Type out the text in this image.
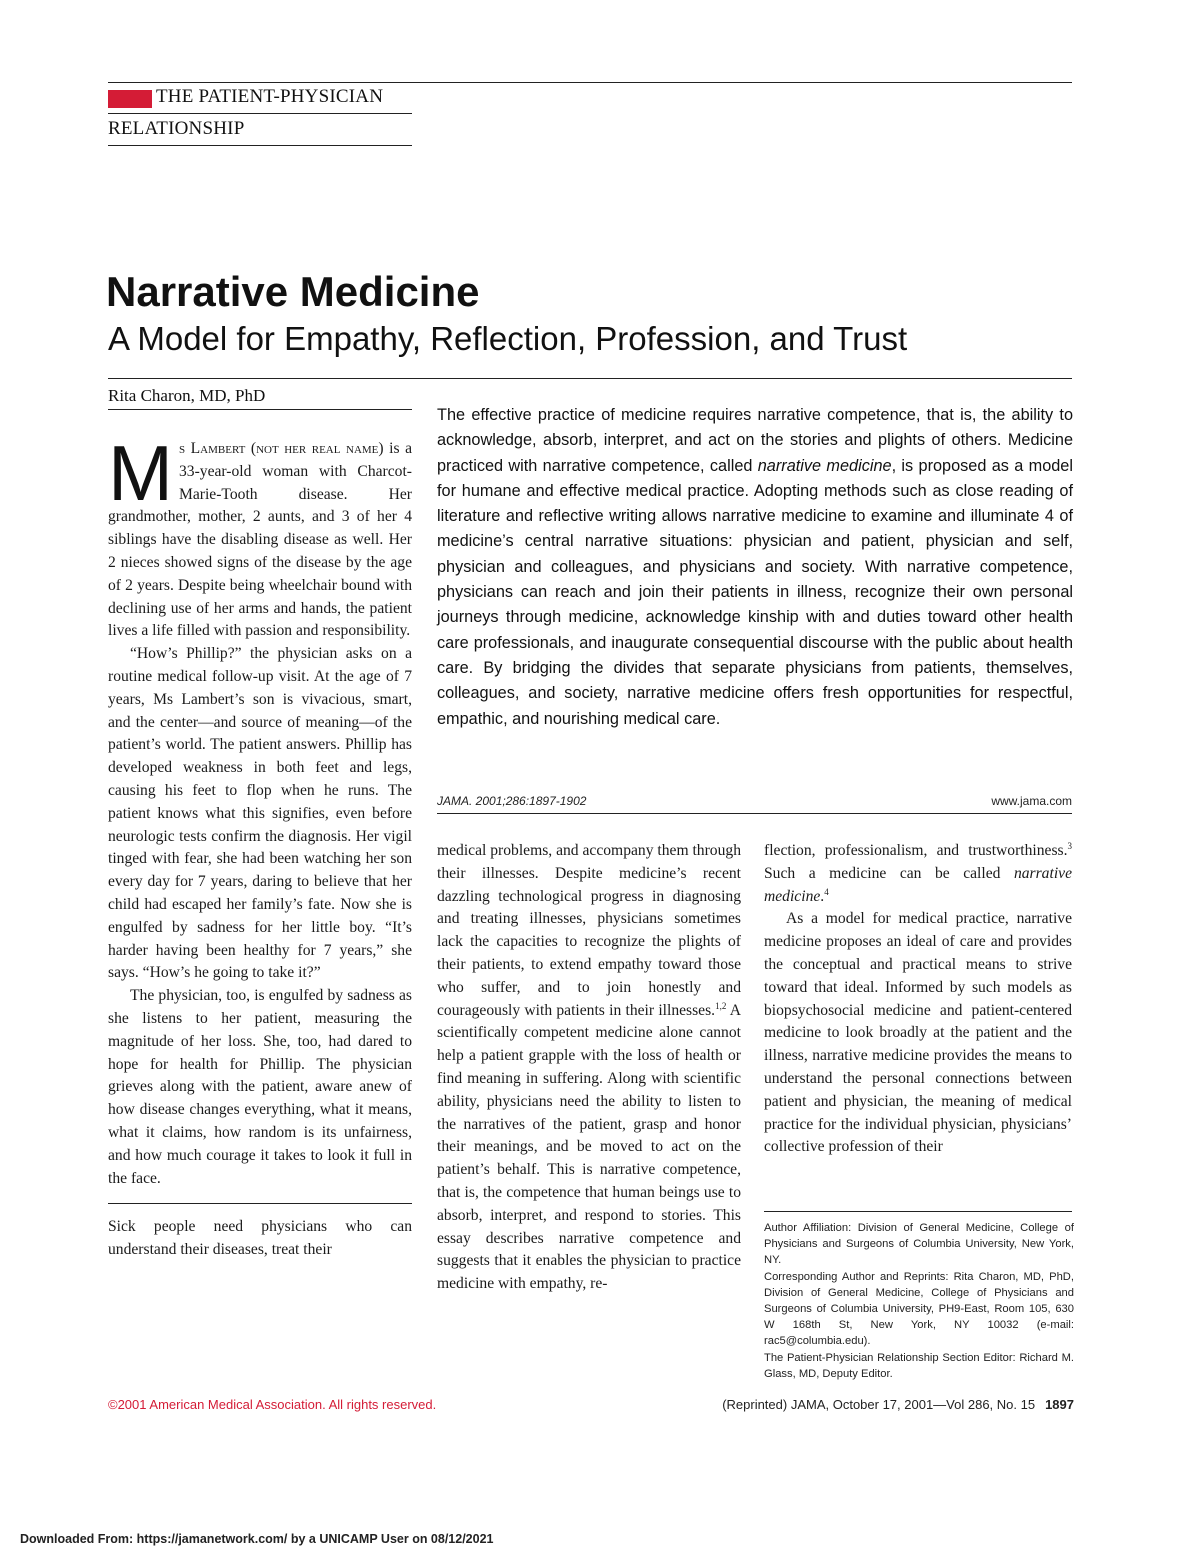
THE PATIENT-PHYSICIAN
RELATIONSHIP
Narrative Medicine
A Model for Empathy, Reflection, Profession, and Trust
Rita Charon, MD, PhD
The effective practice of medicine requires narrative competence, that is, the ability to acknowledge, absorb, interpret, and act on the stories and plights of others. Medicine practiced with narrative competence, called narrative medicine, is proposed as a model for humane and effective medical practice. Adopting methods such as close reading of literature and reflective writing allows narrative medicine to examine and illuminate 4 of medicine’s central narrative situations: physician and patient, physician and self, physician and colleagues, and physicians and society. With narrative competence, physicians can reach and join their patients in illness, recognize their own personal journeys through medicine, acknowledge kinship with and duties toward other health care professionals, and inaugurate consequential discourse with the public about health care. By bridging the divides that separate physicians from patients, themselves, colleagues, and society, narrative medicine offers fresh opportunities for respectful, empathic, and nourishing medical care.
JAMA. 2001;286:1897-1902	www.jama.com

Ms Lambert (not her real name) is a 33-year-old woman with Charcot-Marie-Tooth disease. Her grandmother, mother, 2 aunts, and 3 of her 4 siblings have the disabling disease as well. Her 2 nieces showed signs of the disease by the age of 2 years. Despite being wheelchair bound with declining use of her arms and hands, the patient lives a life filled with passion and responsibility.

“How’s Phillip?” the physician asks on a routine medical follow-up visit. At the age of 7 years, Ms Lambert’s son is vivacious, smart, and the center—and source of meaning—of the patient’s world. The patient answers. Phillip has developed weakness in both feet and legs, causing his feet to flop when he runs. The patient knows what this signifies, even before neurologic tests confirm the diagnosis. Her vigil tinged with fear, she had been watching her son every day for 7 years, daring to believe that her child had escaped her family’s fate. Now she is engulfed by sadness for her little boy. “It’s harder having been healthy for 7 years,” she says. “How’s he going to take it?”

The physician, too, is engulfed by sadness as she listens to her patient, measuring the magnitude of her loss. She, too, had dared to hope for health for Phillip. The physician grieves along with the patient, aware anew of how disease changes everything, what it means, what it claims, how random is its unfairness, and how much courage it takes to look it full in the face.

Sick people need physicians who can understand their diseases, treat their

medical problems, and accompany them through their illnesses. Despite medicine’s recent dazzling technological progress in diagnosing and treating illnesses, physicians sometimes lack the capacities to recognize the plights of their patients, to extend empathy toward those who suffer, and to join honestly and courageously with patients in their illnesses.$^{1,2}$ A scientifically competent medicine alone cannot help a patient grapple with the loss of health or find meaning in suffering. Along with scientific ability, physicians need the ability to listen to the narratives of the patient, grasp and honor their meanings, and be moved to act on the patient’s behalf. This is narrative competence, that is, the competence that human beings use to absorb, interpret, and respond to stories. This essay describes narrative competence and suggests that it enables the physician to practice medicine with empathy, re-

flection, professionalism, and trustworthiness.$^3$ Such a medicine can be called narrative medicine.$^4$

As a model for medical practice, narrative medicine proposes an ideal of care and provides the conceptual and practical means to strive toward that ideal. Informed by such models as biopsychosocial medicine and patient-centered medicine to look broadly at the patient and the illness, narrative medicine provides the means to understand the personal connections between patient and physician, the meaning of medical practice for the individual physician, physicians’ collective profession of their

Author Affiliation: Division of General Medicine, College of Physicians and Surgeons of Columbia University, New York, NY.

Corresponding Author and Reprints: Rita Charon, MD, PhD, Division of General Medicine, College of Physicians and Surgeons of Columbia University, PH9-East, Room 105, 630 W 168th St, New York, NY 10032 (e-mail: rac5@columbia.edu).

The Patient-Physician Relationship Section Editor: Richard M. Glass, MD, Deputy Editor.

©2001 American Medical Association. All rights reserved.	(Reprinted) JAMA, October 17, 2001—Vol 286, No. 15 1897
Downloaded From: https://jamanetwork.com/ by a UNICAMP User on 08/12/2021
